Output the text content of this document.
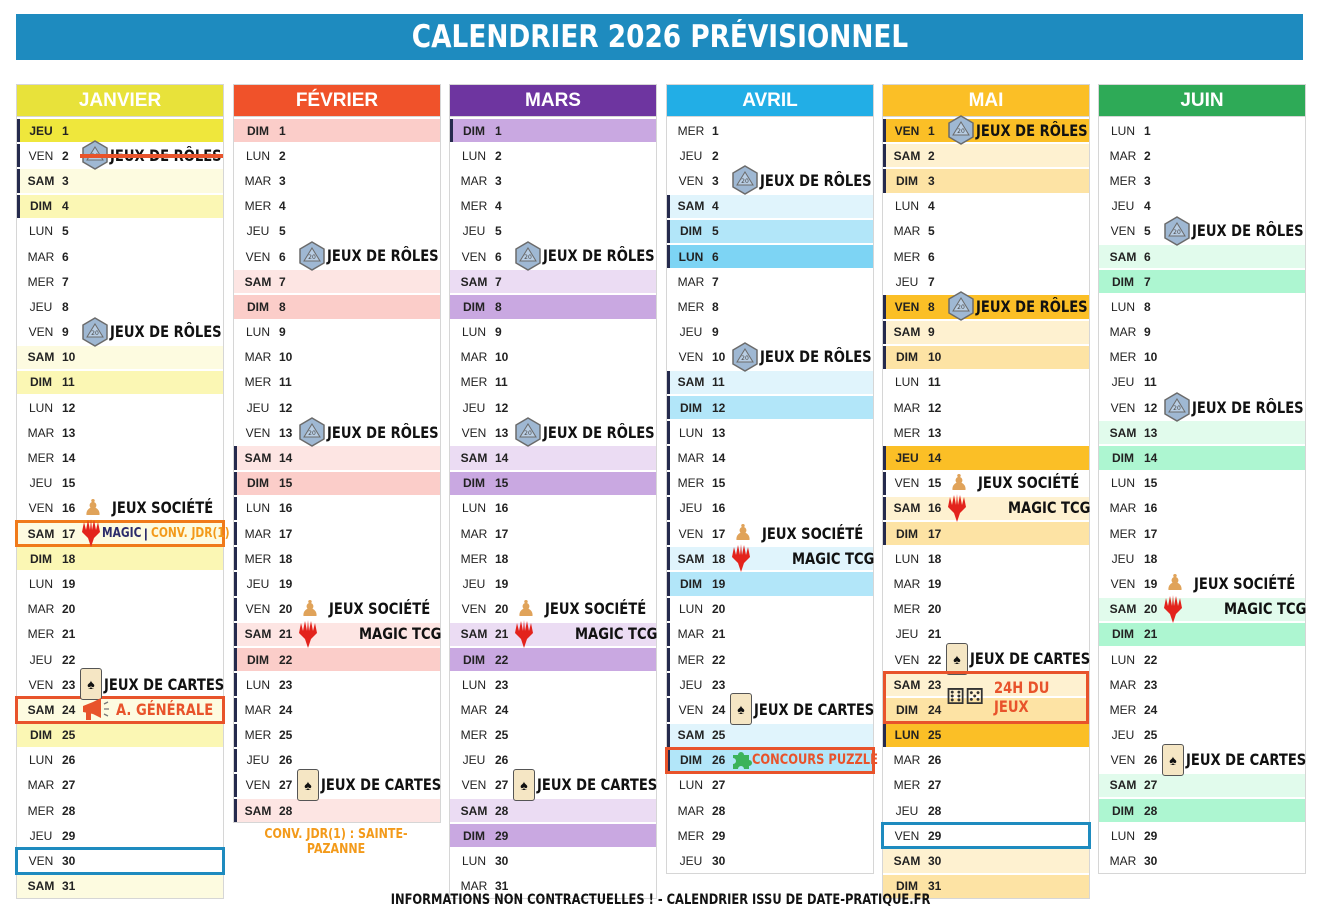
CALENDRIER 2026 PRÉVISIONNEL
JANVIER
JEU 1
VEN 2
SAM 3
DIM 4
LUN 5
MAR 6
MER 7
JEU 8
VEN 9	20 JEUX DE RÔLES
SAM 10
DIM 11
LUN 12
MAR 13
MER 14
JEU 15
VEN 16 ♟ JEUX SOCIÉTÉ
SAM 17	MAGIC | CONV. JDR(1)
DIM 18
LUN 19
MAR 20
MER 21
JEU 22
VEN 23 ♠ JEUX DE CARTES
SAM 24	A. GÉNÉRALE
DIM 25
LUN 26
MAR 27
MER 28
JEU 29
VEN 30
SAM 31
FÉVRIER
DIM 1
LUN 2
MAR 3
MER 4
JEU 5
VEN 6	20 JEUX DE RÔLES
SAM 7
DIM 8
LUN 9
MAR 10
MER 11
JEU 12
VEN 13	20 JEUX DE RÔLES
SAM 14
DIM 15
LUN 16
MAR 17
MER 18
JEU 19
VEN 20 ♟ JEUX SOCIÉTÉ
SAM 21	MAGIC TCG
DIM 22
LUN 23
MAR 24
MER 25
JEU 26
VEN 27 ♠ JEUX DE CARTES
SAM 28
MARS
DIM 1
LUN 2
MAR 3
MER 4
JEU 5
VEN 6	20 JEUX DE RÔLES
SAM 7
DIM 8
LUN 9
MAR 10
MER 11
JEU 12
VEN 13	20 JEUX DE RÔLES
SAM 14
DIM 15
LUN 16
MAR 17
MER 18
JEU 19
VEN 20 ♟ JEUX SOCIÉTÉ
SAM 21	MAGIC TCG
DIM 22
LUN 23
MAR 24
MER 25
JEU 26
VEN 27 ♠ JEUX DE CARTES
SAM 28
DIM 29
LUN 30
MAR 31
AVRIL
MER 1
JEU 2
VEN 3	20 JEUX DE RÔLES
SAM 4
DIM 5
LUN 6
MAR 7
MER 8
JEU 9
VEN 10	20 JEUX DE RÔLES
SAM 11
DIM 12
LUN 13
MAR 14
MER 15
JEU 16
VEN 17 ♟ JEUX SOCIÉTÉ
SAM 18	MAGIC TCG
DIM 19
LUN 20
MAR 21
MER 22
JEU 23
VEN 24 ♠ JEUX DE CARTES
SAM 25
DIM 26	CONCOURS PUZZLE
LUN 27
MAR 28
MER 29
JEU 30
MAI
VEN 1	20 JEUX DE RÔLES
SAM 2
DIM 3
LUN 4
MAR 5
MER 6
JEU 7
VEN 8	20 JEUX DE RÔLES
SAM 9
DIM 10
LUN 11
MAR 12
MER 13
JEU 14
VEN 15 ♟ JEUX SOCIÉTÉ
SAM 16	MAGIC TCG
DIM 17
LUN 18
MAR 19
MER 20
JEU 21
VEN 22 ♠ JEUX DE CARTES
SAM 23 ⚅⚄ 24H DU JEUX
DIM 24
LUN 25
MAR 26
MER 27
JEU 28
VEN 29
SAM 30
DIM 31
JUIN
LUN 1
MAR 2
MER 3
JEU 4
VEN 5	20 JEUX DE RÔLES
SAM 6
DIM 7
LUN 8
MAR 9
MER 10
JEU 11
VEN 12	20 JEUX DE RÔLES
SAM 13
DIM 14
LUN 15
MAR 16
MER 17
JEU 18
VEN 19 ♟ JEUX SOCIÉTÉ
SAM 20	MAGIC TCG
DIM 21
LUN 22
MAR 23
MER 24
JEU 25
VEN 26 ♠ JEUX DE CARTES
SAM 27
DIM 28
LUN 29
MAR 30
CONV. JDR(1) : SAINTE-PAZANNE
INFORMATIONS NON CONTRACTUELLES ! - CALENDRIER ISSU DE DATE-PRATIQUE.FR
